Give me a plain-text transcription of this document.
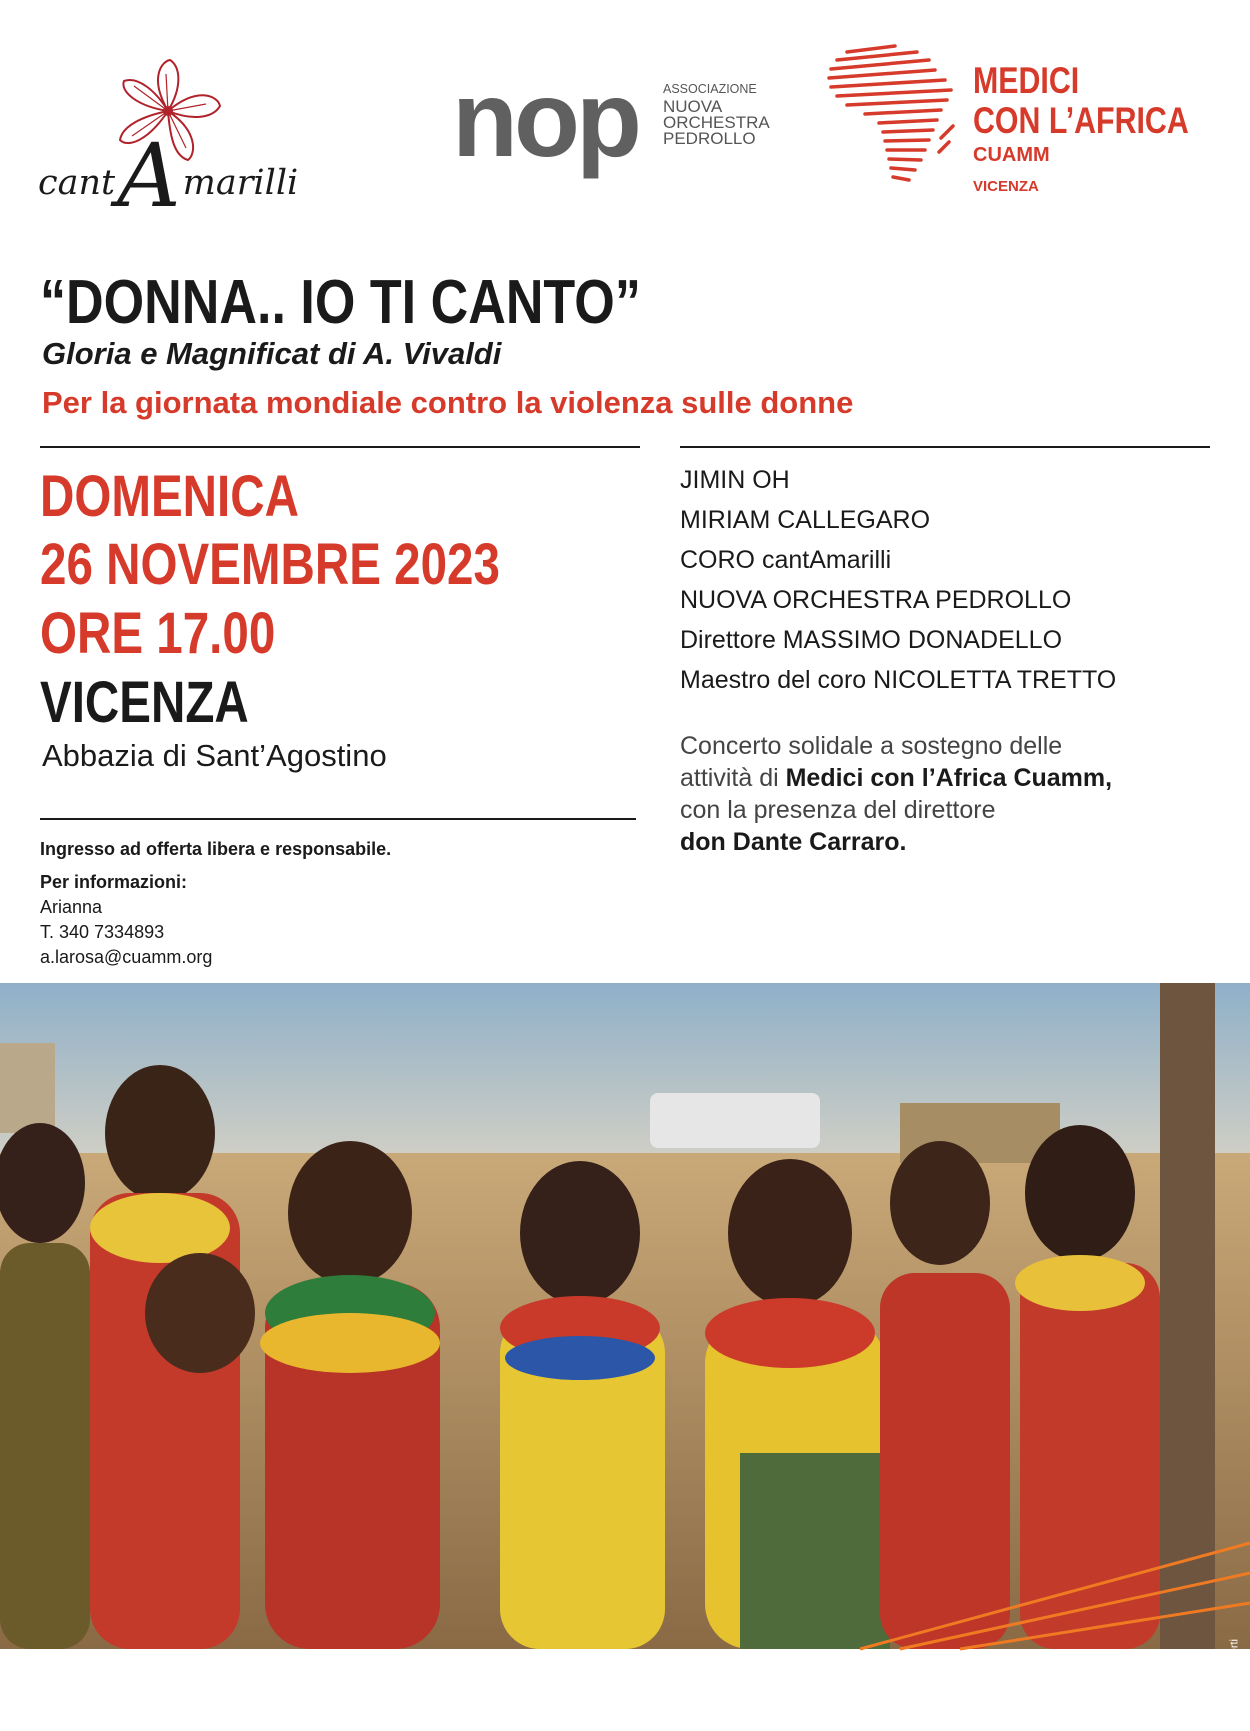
cantAmarilli
nop ASSOCIAZIONE
NUOVA
ORCHESTRA
PEDROLLO
MEDICI
CON L’AFRICA
CUAMM
VICENZA
“DONNA.. IO TI CANTO”
Gloria e Magnificat di A. Vivaldi
Per la giornata mondiale contro la violenza sulle donne
DOMENICA
26 NOVEMBRE 2023
ORE 17.00
VICENZA
Abbazia di Sant’Agostino
Ingresso ad offerta libera e responsabile.
Per informazioni:
Arianna
T. 340 7334893
a.larosa@cuamm.org
JIMIN OH
MIRIAM CALLEGARO
CORO cantAmarilli
NUOVA ORCHESTRA PEDROLLO
Direttore MASSIMO DONADELLO
Maestro del coro NICOLETTA TRETTO
Concerto solidale a sostegno delle
attività di Medici con l’Africa Cuamm,
con la presenza del direttore
don Dante Carraro.
© Foto Nicola Berti
